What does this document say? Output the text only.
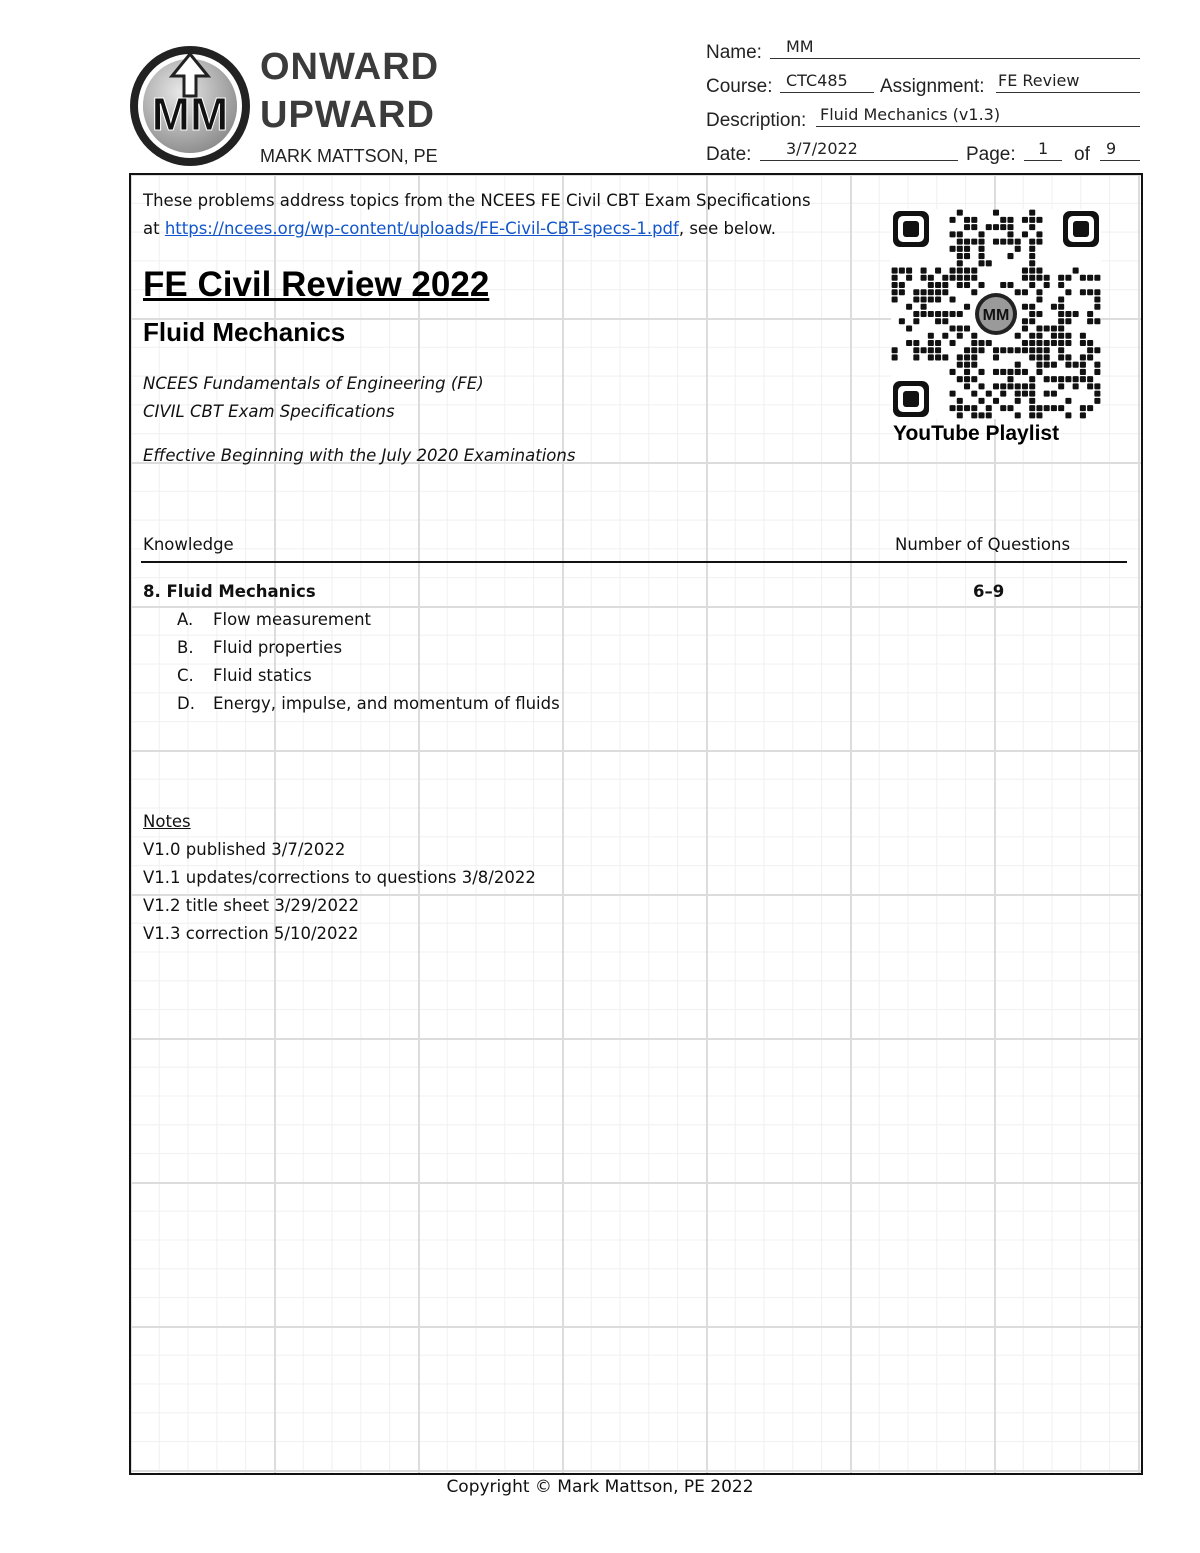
MM
ONWARD
UPWARD
MARK MATTSON, PE
Name: MM
Course: CTC485 Assignment: FE Review
Description: Fluid Mechanics (v1.3)
Date: 3/7/2022	Page: 1 of 9
These problems address topics from the NCEES FE Civil CBT Exam Specifications
at https://ncees.org/wp-content/uploads/FE-Civil-CBT-specs-1.pdf, see below.
FE Civil Review 2022
Fluid Mechanics
NCEES Fundamentals of Engineering (FE)
CIVIL CBT Exam Specifications
Effective Beginning with the July 2020 Examinations
MM
YouTube Playlist
Knowledge	Number of Questions
8. Fluid Mechanics	6–9
A. Flow measurement
B. Fluid properties
C. Fluid statics
D. Energy, impulse, and momentum of fluids
Notes
V1.0 published 3/7/2022
V1.1 updates/corrections to questions 3/8/2022
V1.2 title sheet 3/29/2022
V1.3 correction 5/10/2022
Copyright © Mark Mattson, PE 2022
